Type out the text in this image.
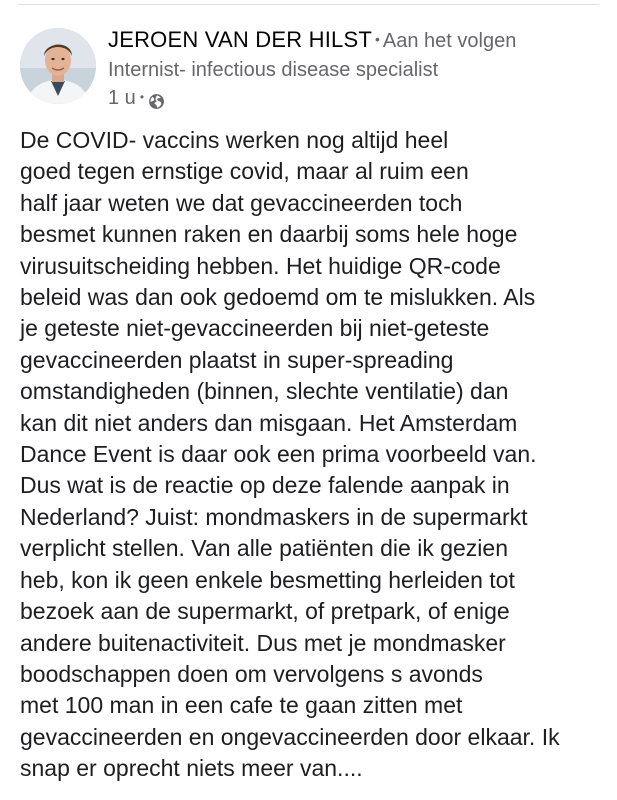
JEROEN VAN DER HILST • Aan het volgen
Internist- infectious disease specialist
1 u •
De COVID- vaccins werken nog altijd heel
goed tegen ernstige covid, maar al ruim een
half jaar weten we dat gevaccineerden toch
besmet kunnen raken en daarbij soms hele hoge
virusuitscheiding hebben. Het huidige QR-code
beleid was dan ook gedoemd om te mislukken. Als
je geteste niet-gevaccineerden bij niet-geteste
gevaccineerden plaatst in super-spreading
omstandigheden (binnen, slechte ventilatie) dan
kan dit niet anders dan misgaan. Het Amsterdam
Dance Event is daar ook een prima voorbeeld van.
Dus wat is de reactie op deze falende aanpak in
Nederland? Juist: mondmaskers in de supermarkt
verplicht stellen. Van alle patiënten die ik gezien
heb, kon ik geen enkele besmetting herleiden tot
bezoek aan de supermarkt, of pretpark, of enige
andere buitenactiviteit. Dus met je mondmasker
boodschappen doen om vervolgens s avonds
met 100 man in een cafe te gaan zitten met
gevaccineerden en ongevaccineerden door elkaar. Ik
snap er oprecht niets meer van....
